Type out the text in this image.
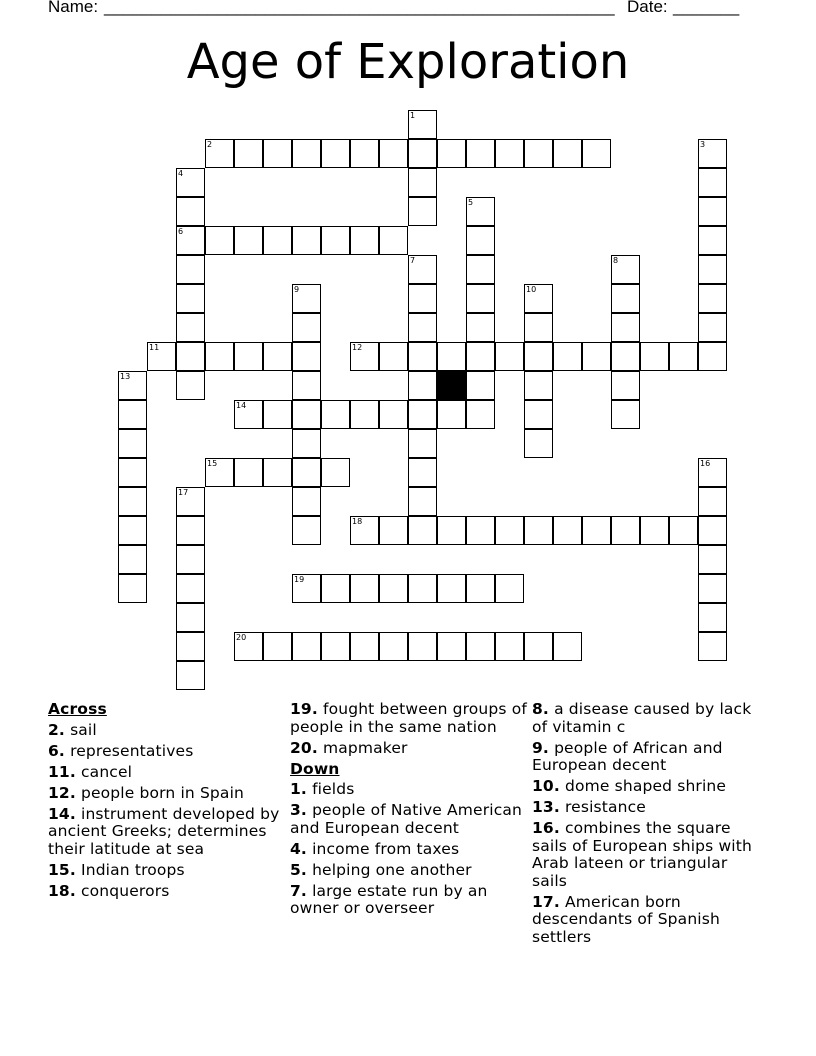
Name: ______________________________________________________ Date: _______
Age of Exploration
1
2	3
4
5
6
7	8
9	10
11	12
13
14
15	16
17
18
19
20
Across
2. sail
6. representatives
11. cancel
12. people born in Spain
14. instrument developed by ancient Greeks; determines their latitude at sea
15. Indian troops
18. conquerors
19. fought between groups of people in the same nation
20. mapmaker
Down
1. fields
3. people of Native American and European decent
4. income from taxes
5. helping one another
7. large estate run by an owner or overseer
8. a disease caused by lack of vitamin c
9. people of African and European decent
10. dome shaped shrine
13. resistance
16. combines the square sails of European ships with Arab lateen or triangular sails
17. American born descendants of Spanish settlers
